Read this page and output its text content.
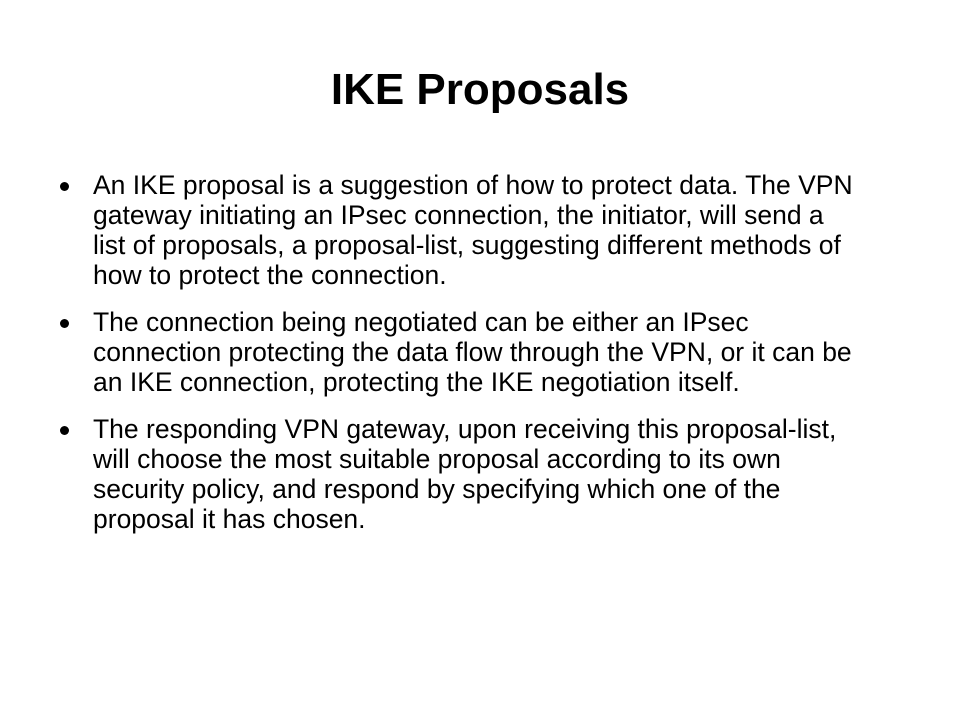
IKE Proposals
An IKE proposal is a suggestion of how to protect data. The VPN gateway initiating an IPsec connection, the initiator, will send a list of proposals, a proposal-list, suggesting different methods of how to protect the connection.
The connection being negotiated can be either an IPsec connection protecting the data flow through the VPN, or it can be an IKE connection, protecting the IKE negotiation itself.
The responding VPN gateway, upon receiving this proposal-list, will choose the most suitable proposal according to its own security policy, and respond by specifying which one of the proposal it has chosen.
